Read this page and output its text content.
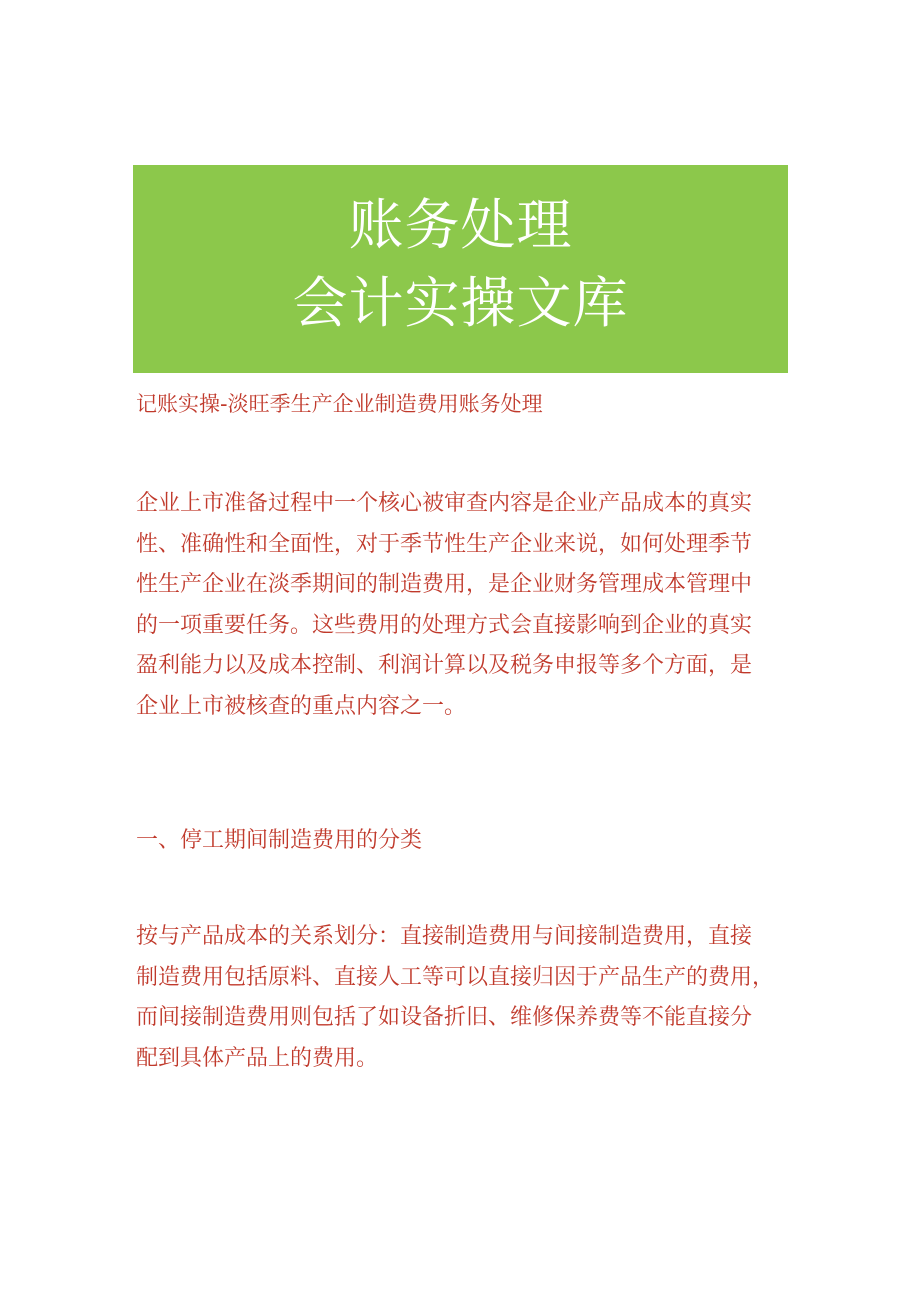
账务处理
会计实操文库
记账实操-淡旺季生产企业制造费用账务处理

企业上市准备过程中一个核心被审查内容是企业产品成本的真实
性、准确性和全面性，对于季节性生产企业来说，如何处理季节
性生产企业在淡季期间的制造费用，是企业财务管理成本管理中
的一项重要任务。这些费用的处理方式会直接影响到企业的真实
盈利能力以及成本控制、利润计算以及税务申报等多个方面，是
企业上市被核查的重点内容之一。

一、停工期间制造费用的分类

按与产品成本的关系划分：直接制造费用与间接制造费用，直接
制造费用包括原料、直接人工等可以直接归因于产品生产的费用，
而间接制造费用则包括了如设备折旧、维修保养费等不能直接分
配到具体产品上的费用。
